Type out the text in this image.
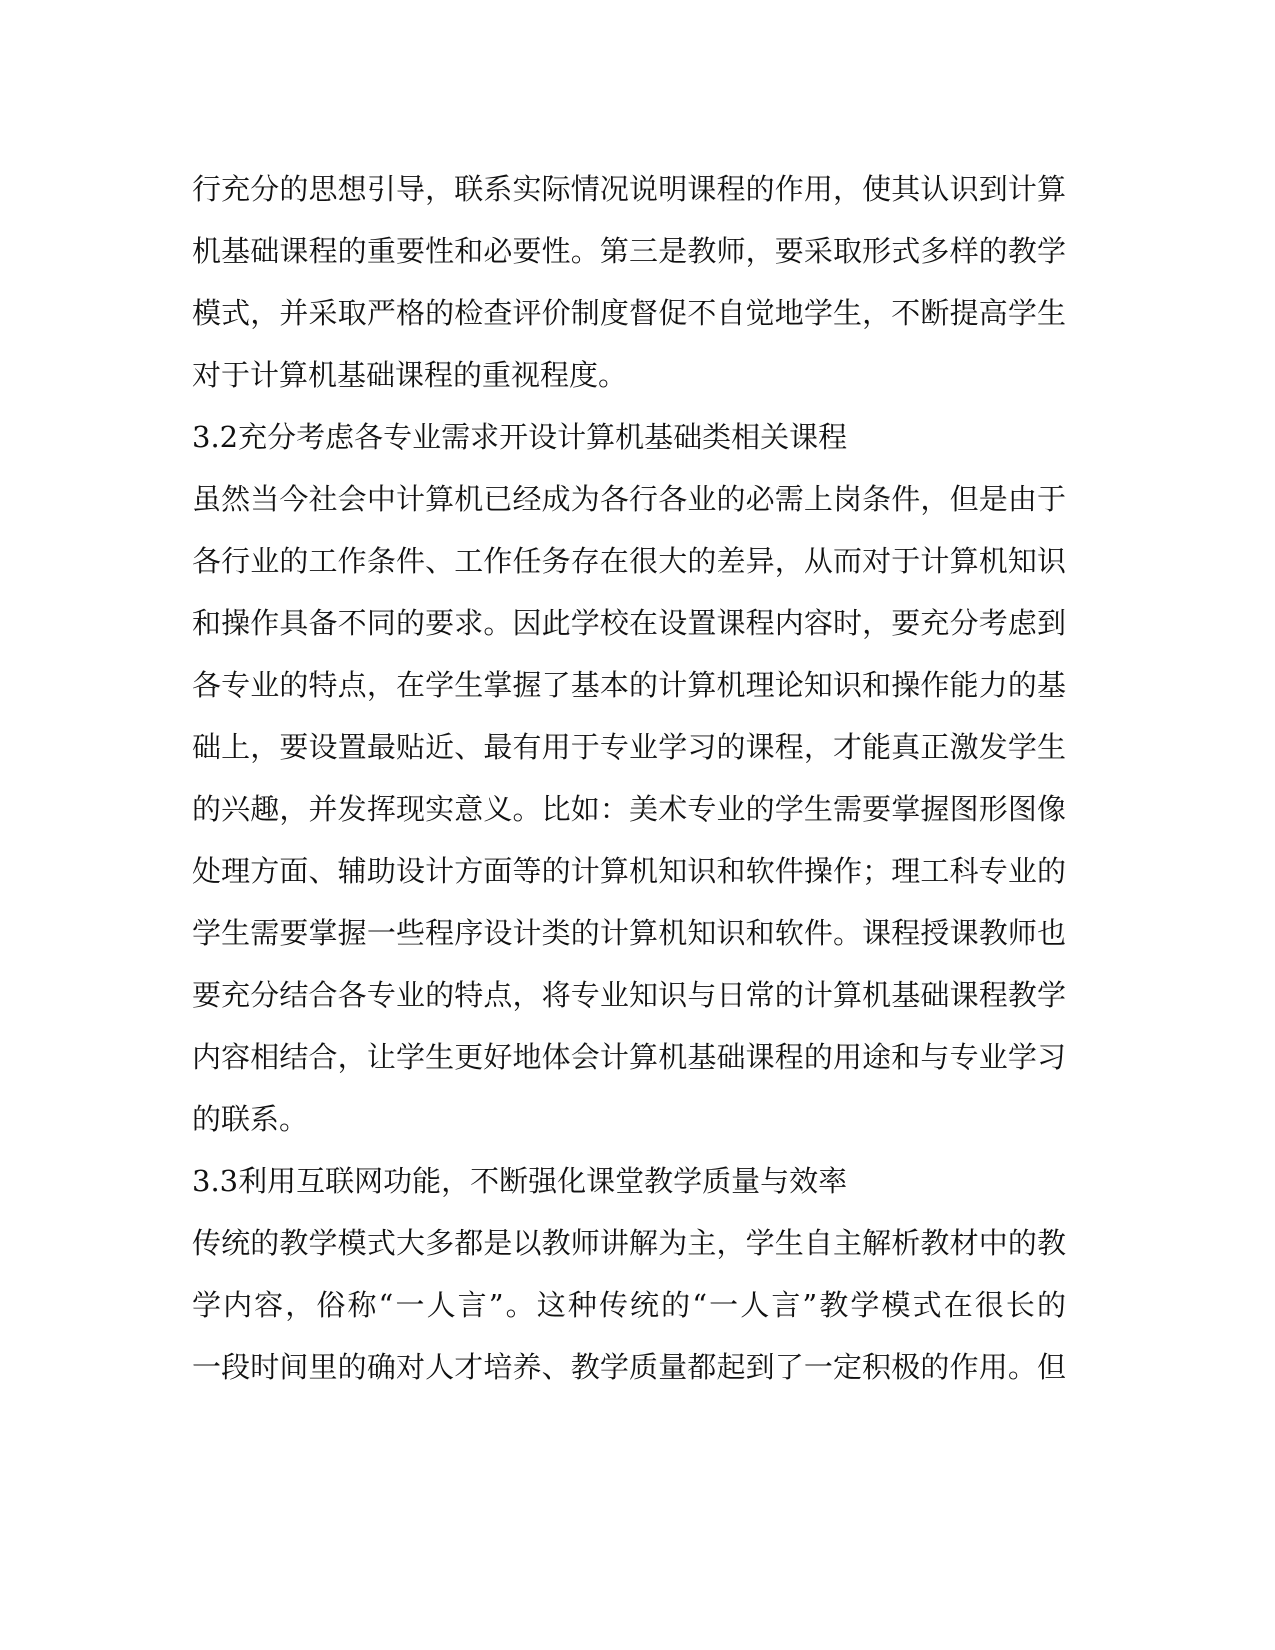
行充分的思想引导，联系实际情况说明课程的作用，使其认识到计算
机基础课程的重要性和必要性。第三是教师，要采取形式多样的教学
模式，并采取严格的检查评价制度督促不自觉地学生，不断提高学生
对于计算机基础课程的重视程度。
3.2充分考虑各专业需求开设计算机基础类相关课程
虽然当今社会中计算机已经成为各行各业的必需上岗条件，但是由于
各行业的工作条件、工作任务存在很大的差异，从而对于计算机知识
和操作具备不同的要求。因此学校在设置课程内容时，要充分考虑到
各专业的特点，在学生掌握了基本的计算机理论知识和操作能力的基
础上，要设置最贴近、最有用于专业学习的课程，才能真正激发学生
的兴趣，并发挥现实意义。比如：美术专业的学生需要掌握图形图像
处理方面、辅助设计方面等的计算机知识和软件操作；理工科专业的
学生需要掌握一些程序设计类的计算机知识和软件。课程授课教师也
要充分结合各专业的特点，将专业知识与日常的计算机基础课程教学
内容相结合，让学生更好地体会计算机基础课程的用途和与专业学习
的联系。
3.3利用互联网功能，不断强化课堂教学质量与效率
传统的教学模式大多都是以教师讲解为主，学生自主解析教材中的教
学内容，俗称“一人言”。这种传统的“一人言”教学模式在很长的
一段时间里的确对人才培养、教学质量都起到了一定积极的作用。但
